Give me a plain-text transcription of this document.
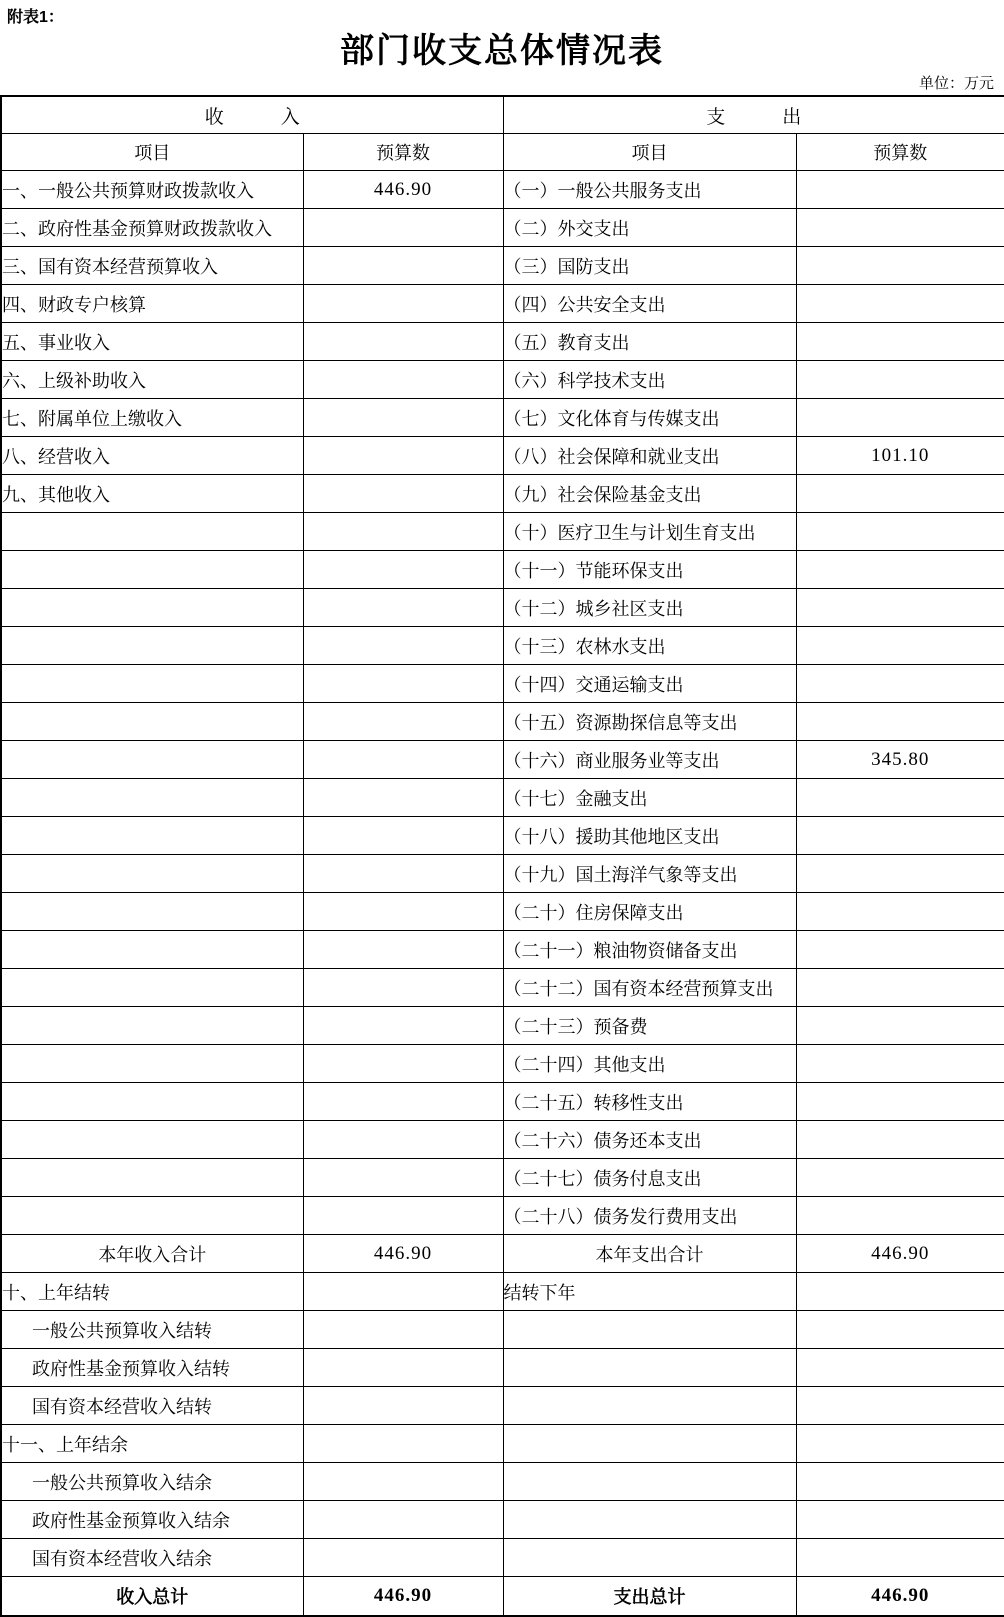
附表1：
部门收支总体情况表
单位：万元
收　　　入		支　　　出	
项目	预算数	项目	预算数
一、一般公共预算财政拨款收入	446.90	（一）一般公共服务支出	
二、政府性基金预算财政拨款收入		（二）外交支出	
三、国有资本经营预算收入		（三）国防支出	
四、财政专户核算		（四）公共安全支出	
五、事业收入		（五）教育支出	
六、上级补助收入		（六）科学技术支出	
七、附属单位上缴收入		（七）文化体育与传媒支出	
八、经营收入		（八）社会保障和就业支出	101.10
九、其他收入		（九）社会保险基金支出	
		（十）医疗卫生与计划生育支出	
		（十一）节能环保支出	
		（十二）城乡社区支出	
		（十三）农林水支出	
		（十四）交通运输支出	
		（十五）资源勘探信息等支出	
		（十六）商业服务业等支出	345.80
		（十七）金融支出	
		（十八）援助其他地区支出	
		（十九）国土海洋气象等支出	
		（二十）住房保障支出	
		（二十一）粮油物资储备支出	
		（二十二）国有资本经营预算支出	
		（二十三）预备费	
		（二十四）其他支出	
		（二十五）转移性支出	
		（二十六）债务还本支出	
		（二十七）债务付息支出	
		（二十八）债务发行费用支出	
本年收入合计	446.90	本年支出合计	446.90
十、上年结转		结转下年	
一般公共预算收入结转			
政府性基金预算收入结转			
国有资本经营收入结转			
十一、上年结余			
一般公共预算收入结余			
政府性基金预算收入结余			
国有资本经营收入结余			
收入总计	446.90	支出总计	446.90
